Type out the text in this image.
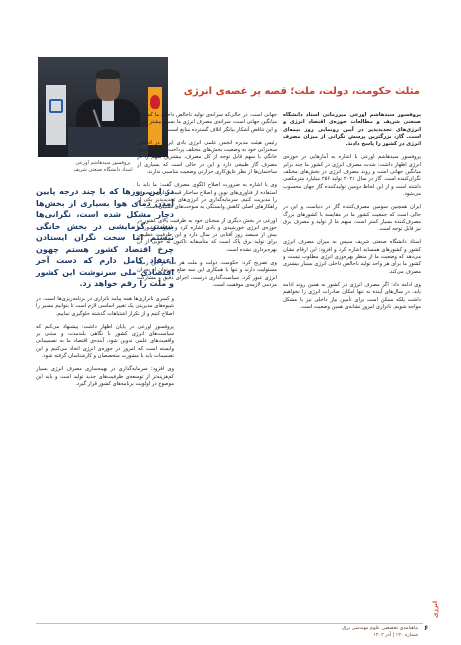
پروفسور سیدهاشم اورعی
استاد دانشگاه صنعتی شریف
مثلث حکومت، دولت، ملت؛ قصه پر غصه‌ی انرژی
در این روزها که با چند درجه پایین آمدن دمای هوا بسیاری از بخش‌ها دچار مشکل شده است، نگرانی‌ها بیشتر گرمایشی در بخش خانگی نیستم اما سخت نگران ایستادن چرخ اقتصاد کشور هستم چهون اعتقاد کامل دارم که دست آخر اقتصادی ملی سرنوشت این کشور و ملت را رقم خواهد زد.

پروفسور سیدهاشم اورعی میرزمانی استاد دانشگاه صنعتی شریف و مطالعات حوزه‌ی اقتصاد انرژی و انرژی‌های تجدیدپذیر در آیین رونمایی روز بیمه‌ای است. گاز، بزرگترین پرسش نگرانی از میزان مصرف انرژی در کشور را پاسخ دادند.

پروفسور سیدهاشم اورعی با اشاره به آمارهایی در حوزه‌ی انرژی اظهار داشت: شدت مصرف انرژی در کشور ما چند برابر میانگین جهانی است و روند مصرف انرژی در بخش‌های مختلف نگران‌کننده است. گاز در سال ۲۰۲۱ تولید ۲۵۶ میلیارد مترمکعبی داشته است و از این لحاظ دومین تولیدکننده گاز جهان محسوب می‌شود.

ایران همچنین سومین مصرف‌کننده گاز در دنیاست و این در حالی است که جمعیت کشور ما در مقایسه با کشورهای بزرگ مصرف‌کننده بسیار کمتر است. سهم ما از تولید و مصرف برق نیز قابل توجه است.

استاد دانشگاه صنعتی شریف سپس به میزان مصرف انرژی کشور و کشورهای همسایه اشاره کرد و افزود: این ارقام نشان می‌دهد که وضعیت ما از منظر بهره‌وری انرژی مطلوب نیست و کشور ما برای هر واحد تولید ناخالص داخلی انرژی بسیار بیشتری مصرف می‌کند.

وی ادامه داد: اگر مصرف انرژی در کشور به همین روند ادامه یابد، در سال‌های آینده نه تنها امکان صادرات انرژی را نخواهیم داشت بلکه ممکن است برای تأمین نیاز داخلی نیز با مشکل مواجه شویم. ناترازی امروز نشانه‌ی همین وضعیت است.

جهانی است. در حالی‌که سرانه‌ی تولید ناخالص داخلی ما کمتر از میانگین جهانی است، سرانه‌ی مصرف انرژی ما بسیار بیشتر است و این تناقض آشکار بیانگر اتلاف گسترده منابع است.

رئیس هیئت مدیره انجمن علمی انرژی بادی ایران در ادامه‌ی سخنرانی خود به وضعیت بخش‌های مختلف پرداخت و گفت: بخش خانگی با سهم قابل توجه از کل مصرف، بیشترین سهم را در مصرف گاز طبیعی دارد و این در حالی است که بسیاری از ساختمان‌ها از نظر عایق‌کاری حرارتی وضعیت مناسبی ندارند.

وی با اشاره به ضرورت اصلاح الگوی مصرف گفت: ما باید با استفاده از فناوری‌های نوین و اصلاح ساختار قیمت‌گذاری، مصرف را مدیریت کنیم. سرمایه‌گذاری در انرژی‌های تجدیدپذیر یکی از راهکارهای اصلی کاهش وابستگی به سوخت‌های فسیلی است.

اورعی در بخش دیگری از سخنان خود به ظرفیت بالای کشور در حوزه‌ی انرژی خورشیدی و بادی اشاره کرد و افزود: کشور ما بیش از سیصد روز آفتابی در سال دارد و این ظرفیت عظیمی برای تولید برق پاک است که متأسفانه تاکنون به خوبی از آن بهره‌برداری نشده است.

وی تصریح کرد: حکومت، دولت و ملت هر سه در این زمینه مسئولیت دارند و تنها با همکاری این سه ضلع می‌توان از بحران انرژی عبور کرد. سیاست‌گذاری درست، اجرای دقیق و مشارکت مردمی لازمه‌ی موفقیت است.

و کسری ناترازی‌ها همه پیامد ناترازی در برنامه‌ریزی‌ها است. در شیوه‌های مدیریتی یک تغییر اساسی لازم است تا بتوانیم مسیر را اصلاح کنیم و از تکرار اشتباهات گذشته جلوگیری نماییم.

پروفسور اورعی در پایان اظهار داشت: پیشنهاد می‌کنم که سیاست‌های انرژی کشور با نگاهی بلندمدت و مبتنی بر واقعیت‌های علمی تدوین شود. آینده‌ی اقتصاد ما به تصمیماتی وابسته است که امروز در حوزه‌ی انرژی اتخاذ می‌کنیم و این تصمیمات باید با مشورت متخصصان و کارشناسان گرفته شود.

وی افزود: سرمایه‌گذاری در بهینه‌سازی مصرف انرژی بسیار کم‌هزینه‌تر از توسعه‌ی ظرفیت‌های جدید تولید است و باید این موضوع در اولویت برنامه‌های کشور قرار گیرد.

ماهنامه‌ی تخصصی علوم مهندسی برق
شماره ۱۳۰ | آذر ۱۴۰۲
۶
انرژی
